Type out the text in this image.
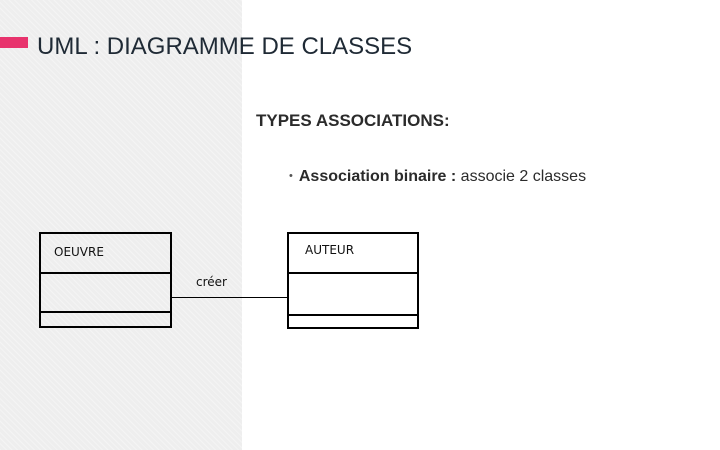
UML : DIAGRAMME DE CLASSES
TYPES ASSOCIATIONS:
• Association binaire : associe 2 classes
OEUVRE	AUTEUR
créer
